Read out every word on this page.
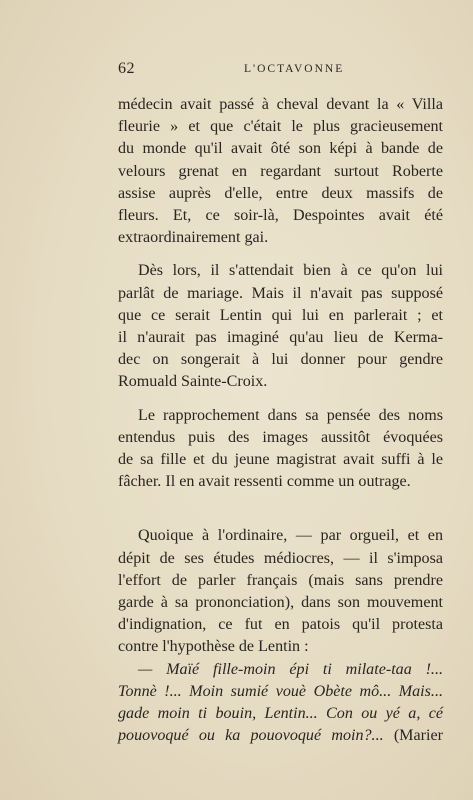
62	L'OCTAVONNE
médecin avait passé à cheval devant la « Villa
fleurie » et que c'était le plus gracieusement
du monde qu'il avait ôté son képi à bande de
velours grenat en regardant surtout Roberte
assise auprès d'elle, entre deux massifs de
fleurs. Et, ce soir-là, Despointes avait été
extraordinairement gai.
Dès lors, il s'attendait bien à ce qu'on lui
parlât de mariage. Mais il n'avait pas supposé
que ce serait Lentin qui lui en parlerait ; et
il n'aurait pas imaginé qu'au lieu de Kerma-
dec on songerait à lui donner pour gendre
Romuald Sainte-Croix.
Le rapprochement dans sa pensée des noms
entendus puis des images aussitôt évoquées
de sa fille et du jeune magistrat avait suffi à le
fâcher. Il en avait ressenti comme un outrage.
Quoique à l'ordinaire, — par orgueil, et en
dépit de ses études médiocres, — il s'imposa
l'effort de parler français (mais sans prendre
garde à sa prononciation), dans son mouvement
d'indignation, ce fut en patois qu'il protesta
contre l'hypothèse de Lentin :
— Maïé fille-moin épi ti milate-taa !...
Tonnè !... Moin sumié vouè Obète mô... Mais...
gade moin ti bouin, Lentin... Con ou yé a, cé
pouovoqué ou ka pouovoqué moin?... (Marier
